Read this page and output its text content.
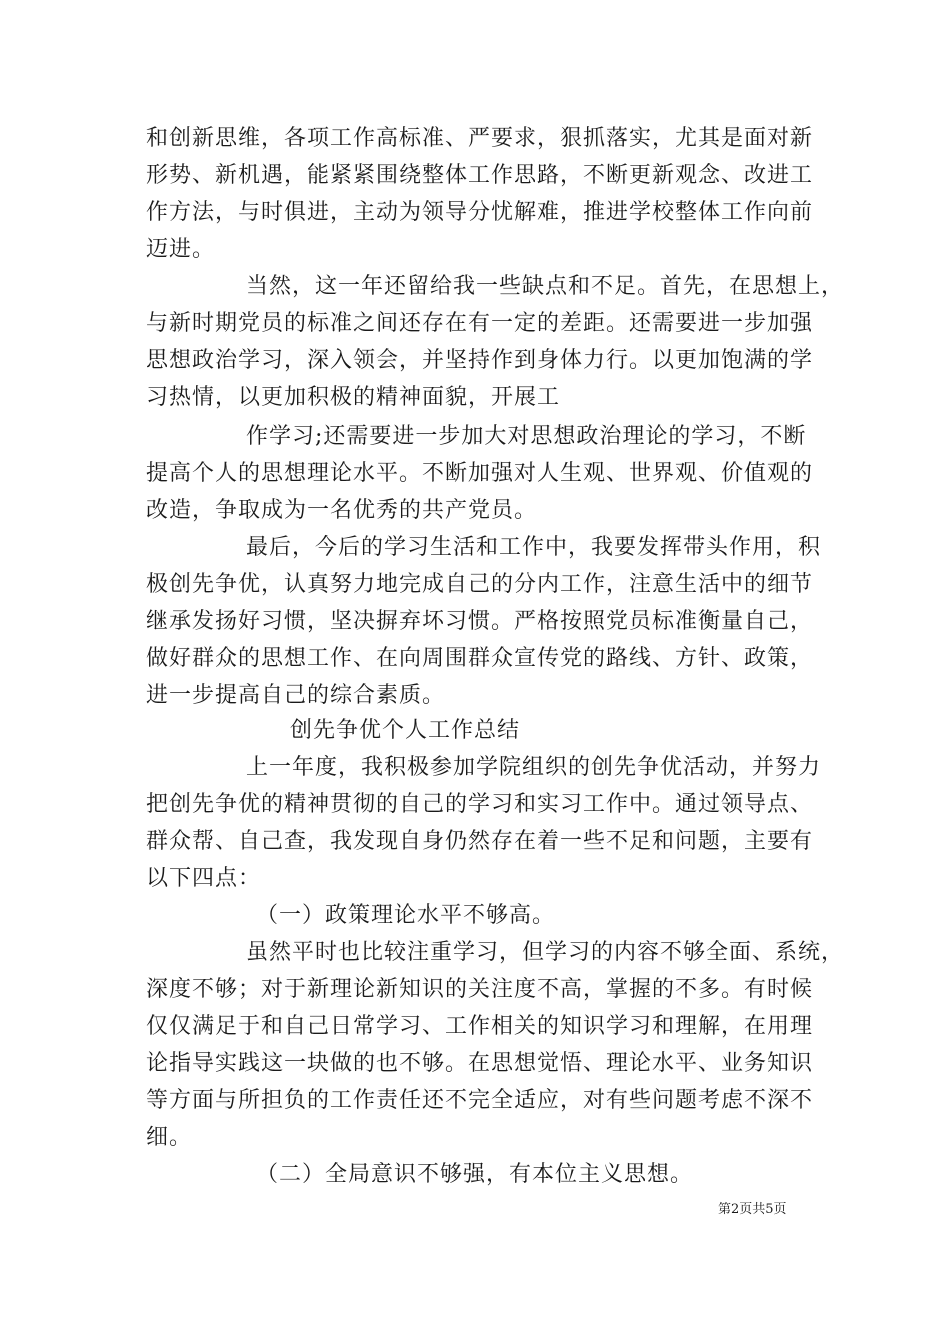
和创新思维，各项工作高标准、严要求，狠抓落实，尤其是面对新
形势、新机遇，能紧紧围绕整体工作思路，不断更新观念、改进工
作方法，与时俱进，主动为领导分忧解难，推进学校整体工作向前
迈进。
当然，这一年还留给我一些缺点和不足。首先，在思想上，
与新时期党员的标准之间还存在有一定的差距。还需要进一步加强
思想政治学习，深入领会，并坚持作到身体力行。以更加饱满的学
习热情，以更加积极的精神面貌，开展工
作学习;还需要进一步加大对思想政治理论的学习，不断
提高个人的思想理论水平。不断加强对人生观、世界观、价值观的
改造，争取成为一名优秀的共产党员。
最后，今后的学习生活和工作中，我要发挥带头作用，积
极创先争优，认真努力地完成自己的分内工作，注意生活中的细节
继承发扬好习惯，坚决摒弃坏习惯。严格按照党员标准衡量自己，
做好群众的思想工作、在向周围群众宣传党的路线、方针、政策，
进一步提高自己的综合素质。
创先争优个人工作总结
上一年度，我积极参加学院组织的创先争优活动，并努力
把创先争优的精神贯彻的自己的学习和实习工作中。通过领导点、
群众帮、自己查，我发现自身仍然存在着一些不足和问题，主要有
以下四点：
（一）政策理论水平不够高。
虽然平时也比较注重学习，但学习的内容不够全面、系统，
深度不够；对于新理论新知识的关注度不高，掌握的不多。有时候
仅仅满足于和自己日常学习、工作相关的知识学习和理解，在用理
论指导实践这一块做的也不够。在思想觉悟、理论水平、业务知识
等方面与所担负的工作责任还不完全适应，对有些问题考虑不深不
细。
（二）全局意识不够强，有本位主义思想。
第2页共5页
